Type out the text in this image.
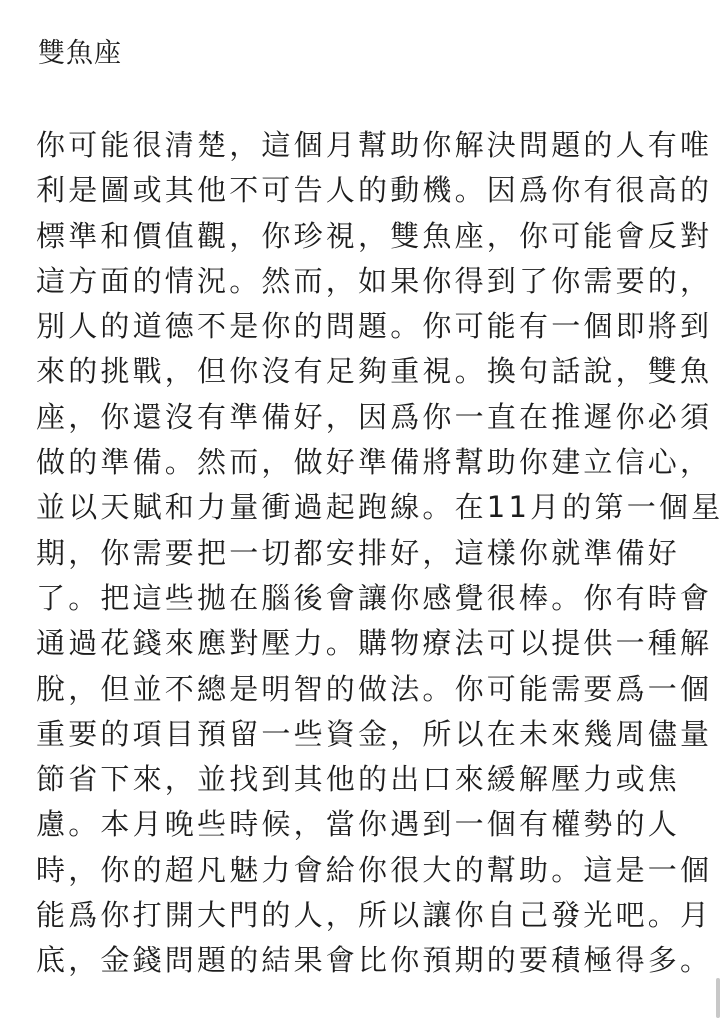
雙魚座
你可能很清楚，這個月幫助你解決問題的人有唯
利是圖或其他不可告人的動機。因爲你有很高的
標準和價值觀，你珍視，雙魚座，你可能會反對
這方面的情況。然而，如果你得到了你需要的，
別人的道德不是你的問題。你可能有一個即將到
來的挑戰，但你沒有足夠重視。換句話說，雙魚
座，你還沒有準備好，因爲你一直在推遲你必須
做的準備。然而，做好準備將幫助你建立信心，
並以天賦和力量衝過起跑線。在11月的第一個星
期，你需要把一切都安排好，這樣你就準備好
了。把這些拋在腦後會讓你感覺很棒。你有時會
通過花錢來應對壓力。購物療法可以提供一種解
脫，但並不總是明智的做法。你可能需要爲一個
重要的項目預留一些資金，所以在未來幾周儘量
節省下來，並找到其他的出口來緩解壓力或焦
慮。本月晚些時候，當你遇到一個有權勢的人
時，你的超凡魅力會給你很大的幫助。這是一個
能爲你打開大門的人，所以讓你自己發光吧。月
底，金錢問題的結果會比你預期的要積極得多。
